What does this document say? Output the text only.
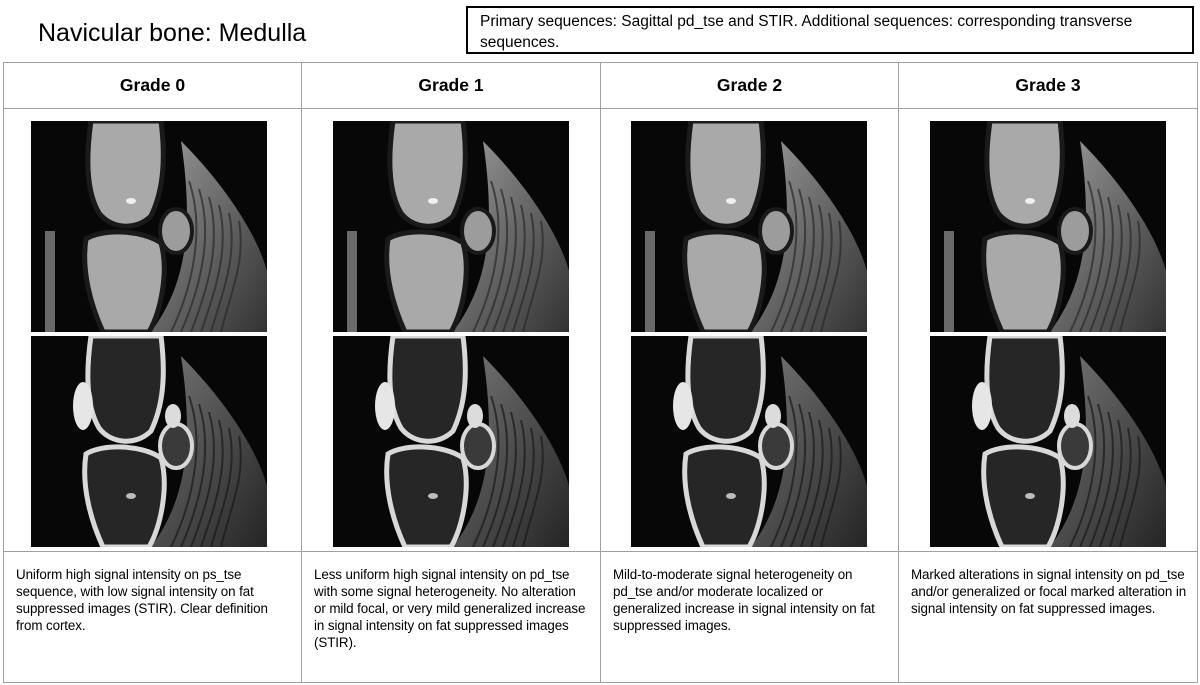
Navicular bone: Medulla	Primary sequences: Sagittal pd_tse and STIR. Additional sequences: corresponding transverse sequences.
Grade 0	Grade 1	Grade 2	Grade 3

Uniform high signal intensity on ps_tse sequence, with low signal intensity on fat suppressed images (STIR). Clear definition from cortex.	Less uniform high signal intensity on pd_tse with some signal heterogeneity. No alteration or mild focal, or very mild generalized increase in signal intensity on fat suppressed images (STIR).	Mild-to-moderate signal heterogeneity on pd_tse and/or moderate localized or generalized increase in signal intensity on fat suppressed images.	Marked alterations in signal intensity on pd_tse and/or generalized or focal marked alteration in signal intensity on fat suppressed images.
